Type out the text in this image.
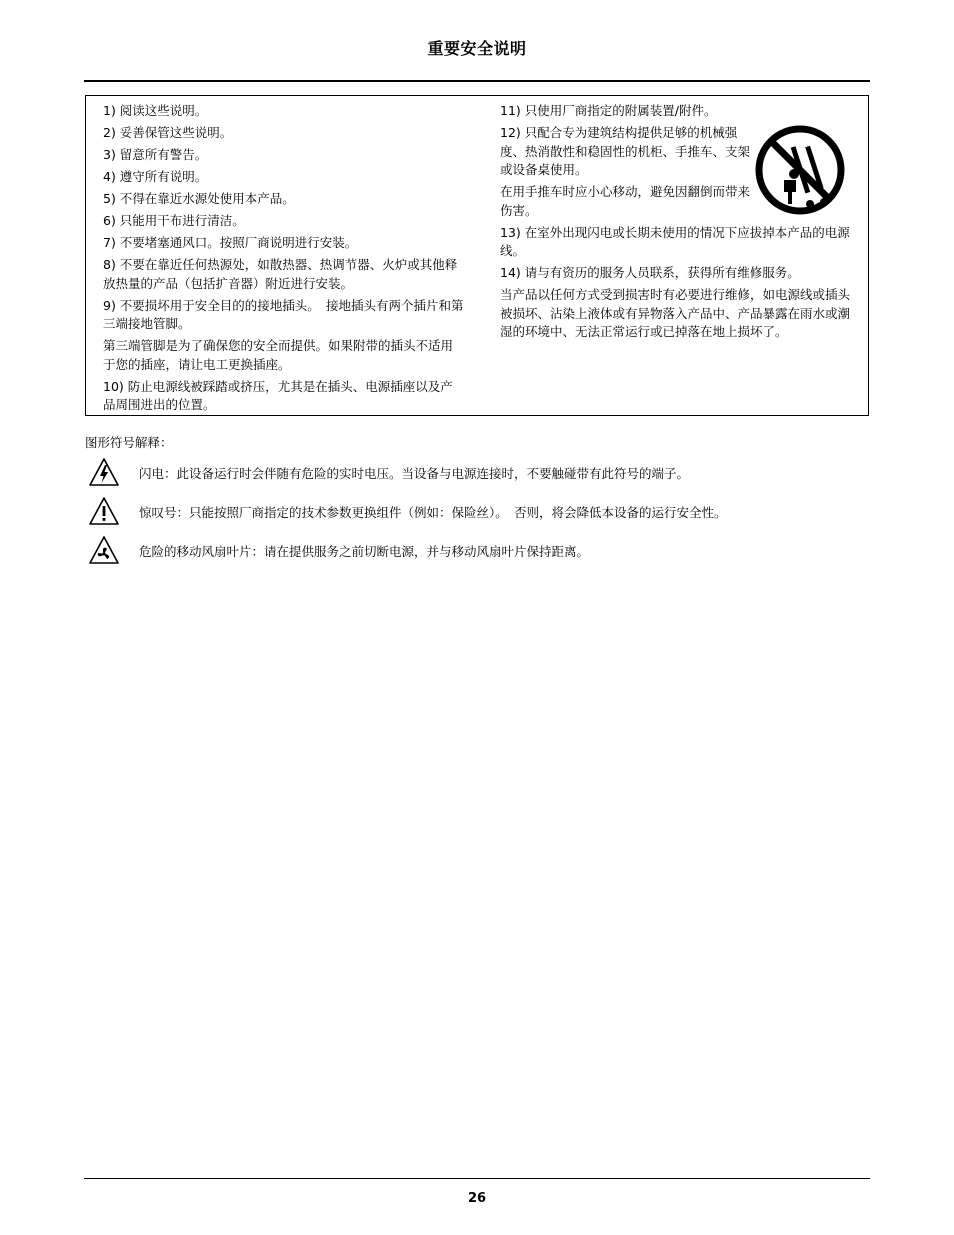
重要安全说明

1) 阅读这些说明。

2) 妥善保管这些说明。

3) 留意所有警告。

4) 遵守所有说明。

5) 不得在靠近水源处使用本产品。

6) 只能用干布进行清洁。

7) 不要堵塞通风口。按照厂商说明进行安装。

8) 不要在靠近任何热源处，如散热器、热调节器、火炉或其他释放热量的产品（包括扩音器）附近进行安装。

9) 不要损坏用于安全目的的接地插头。　接地插头有两个插片和第三端接地管脚。

第三端管脚是为了确保您的安全而提供。如果附带的插头不适用于您的插座，请让电工更换插座。

10) 防止电源线被踩踏或挤压，尤其是在插头、电源插座以及产品周围进出的位置。

11) 只使用厂商指定的附属装置/附件。

12) 只配合专为建筑结构提供足够的机械强度、热消散性和稳固性的机柜、手推车、支架或设备桌使用。

在用手推车时应小心移动，避免因翻倒而带来伤害。

13) 在室外出现闪电或长期未使用的情况下应拔掉本产品的电源线。

14) 请与有资历的服务人员联系，获得所有维修服务。

当产品以任何方式受到损害时有必要进行维修，如电源线或插头被损坏、沾染上液体或有异物落入产品中、产品暴露在雨水或潮湿的环境中、无法正常运行或已掉落在地上损坏了。

图形符号解释：
闪电：此设备运行时会伴随有危险的实时电压。当设备与电源连接时，不要触碰带有此符号的端子。
惊叹号：只能按照厂商指定的技术参数更换组件（例如：保险丝）。　否则，将会降低本设备的运行安全性。
危险的移动风扇叶片：请在提供服务之前切断电源，并与移动风扇叶片保持距离。
26
